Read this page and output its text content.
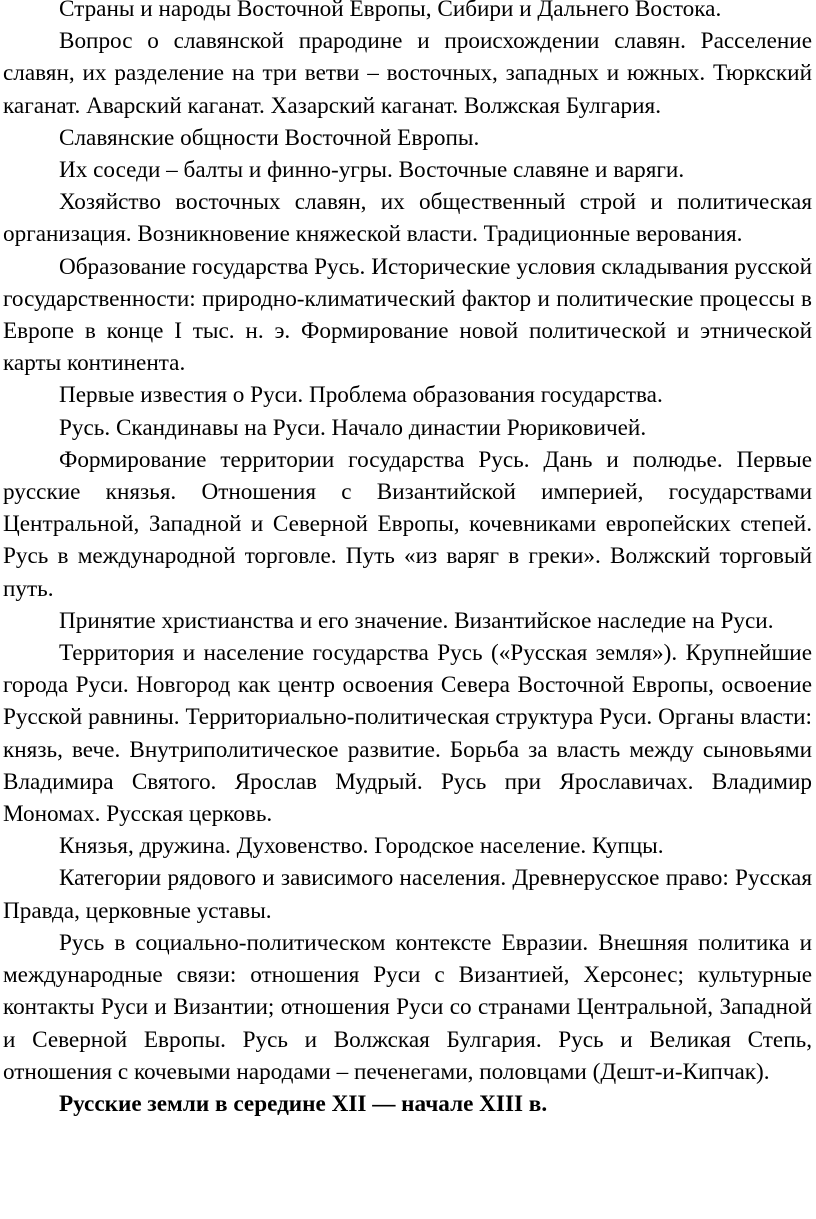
Страны и народы Восточной Европы, Сибири и Дальнего Востока.

Вопрос о славянской прародине и происхождении славян. Расселение славян, их разделение на три ветви – восточных, западных и южных. Тюркский каганат. Аварский каганат. Хазарский каганат. Волжская Булгария.

Славянские общности Восточной Европы.

Их соседи – балты и финно-угры. Восточные славяне и варяги.

Хозяйство восточных славян, их общественный строй и политическая организация. Возникновение княжеской власти. Традиционные верования.

Образование государства Русь. Исторические условия складывания русской государственности: природно-климатический фактор и политические процессы в Европе в конце I тыс. н. э. Формирование новой политической и этнической карты континента.

Первые известия о Руси. Проблема образования государства.

Русь. Скандинавы на Руси. Начало династии Рюриковичей.

Формирование территории государства Русь. Дань и полюдье. Первые русские князья. Отношения с Византийской империей, государствами Центральной, Западной и Северной Европы, кочевниками европейских степей. Русь в международной торговле. Путь «из варяг в греки». Волжский торговый путь.

Принятие христианства и его значение. Византийское наследие на Руси.

Территория и население государства Русь («Русская земля»). Крупнейшие города Руси. Новгород как центр освоения Севера Восточной Европы, освоение Русской равнины. Территориально-политическая структура Руси. Органы власти: князь, вече. Внутриполитическое развитие. Борьба за власть между сыновьями Владимира Святого. Ярослав Мудрый. Русь при Ярославичах. Владимир Мономах. Русская церковь.

Князья, дружина. Духовенство. Городское население. Купцы.

Категории рядового и зависимого населения. Древнерусское право: Русская Правда, церковные уставы.

Русь в социально-политическом контексте Евразии. Внешняя политика и международные связи: отношения Руси с Византией, Херсонес; культурные контакты Руси и Византии; отношения Руси со странами Центральной, Западной и Северной Европы. Русь и Волжская Булгария. Русь и Великая Степь, отношения с кочевыми народами – печенегами, половцами (Дешт-и-Кипчак).

Русские земли в середине XII — начале XIII в.
